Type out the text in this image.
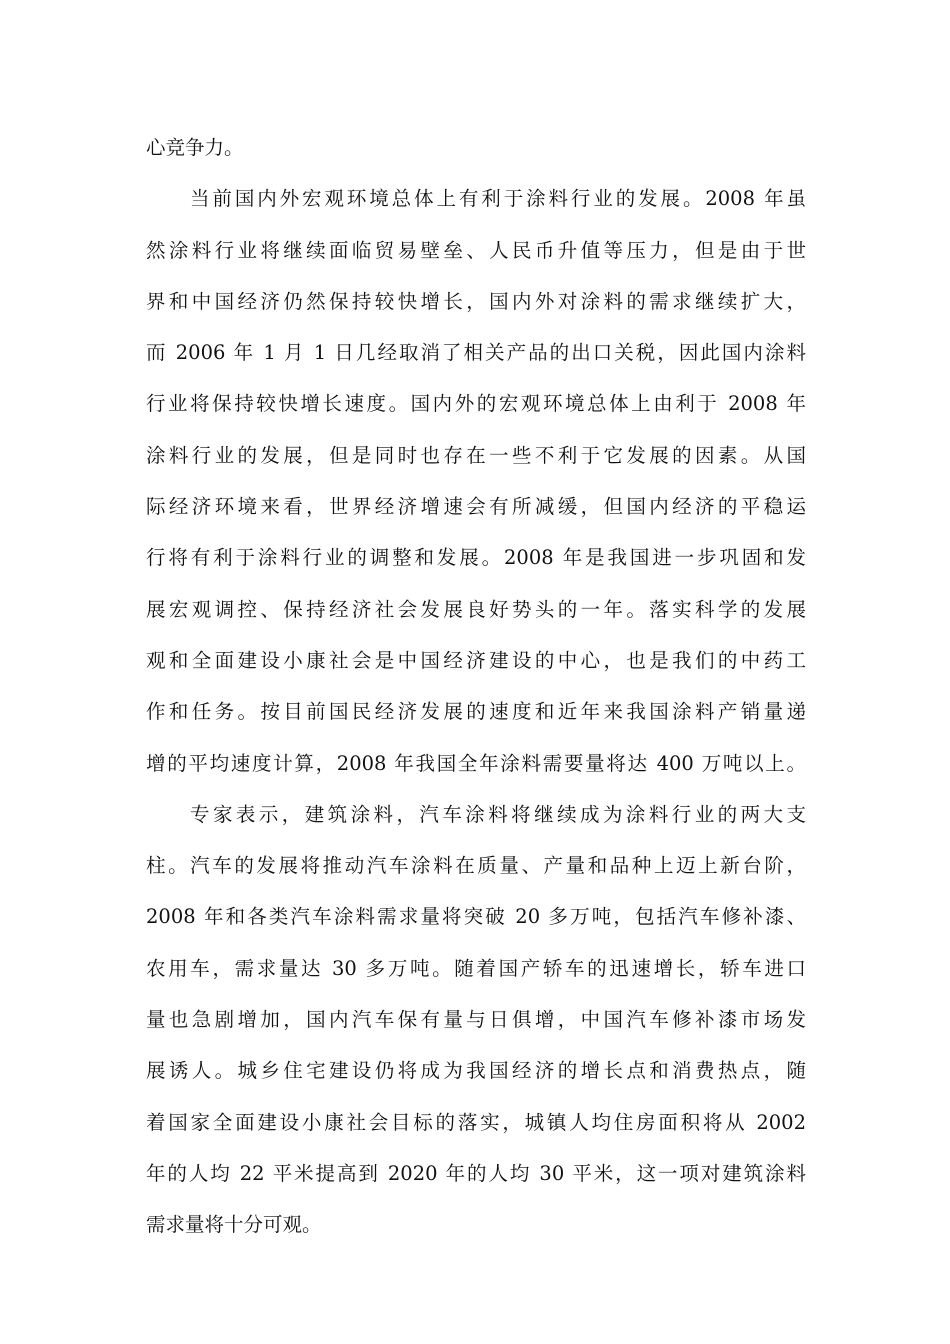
心竞争力。
当前国内外宏观环境总体上有利于涂料行业的发展。2008 年虽
然涂料行业将继续面临贸易壁垒、人民币升值等压力，但是由于世
界和中国经济仍然保持较快增长，国内外对涂料的需求继续扩大，
而 2006 年 1 月 1 日几经取消了相关产品的出口关税，因此国内涂料
行业将保持较快增长速度。国内外的宏观环境总体上由利于 2008 年
涂料行业的发展，但是同时也存在一些不利于它发展的因素。从国
际经济环境来看，世界经济增速会有所减缓，但国内经济的平稳运
行将有利于涂料行业的调整和发展。2008 年是我国进一步巩固和发
展宏观调控、保持经济社会发展良好势头的一年。落实科学的发展
观和全面建设小康社会是中国经济建设的中心，也是我们的中药工
作和任务。按目前国民经济发展的速度和近年来我国涂料产销量递
增的平均速度计算，2008 年我国全年涂料需要量将达 400 万吨以上。
专家表示，建筑涂料，汽车涂料将继续成为涂料行业的两大支
柱。汽车的发展将推动汽车涂料在质量、产量和品种上迈上新台阶，
2008 年和各类汽车涂料需求量将突破 20 多万吨，包括汽车修补漆、
农用车，需求量达 30 多万吨。随着国产轿车的迅速增长，轿车进口
量也急剧增加，国内汽车保有量与日俱增，中国汽车修补漆市场发
展诱人。城乡住宅建设仍将成为我国经济的增长点和消费热点，随
着国家全面建设小康社会目标的落实，城镇人均住房面积将从 2002
年的人均 22 平米提高到 2020 年的人均 30 平米，这一项对建筑涂料
需求量将十分可观。
